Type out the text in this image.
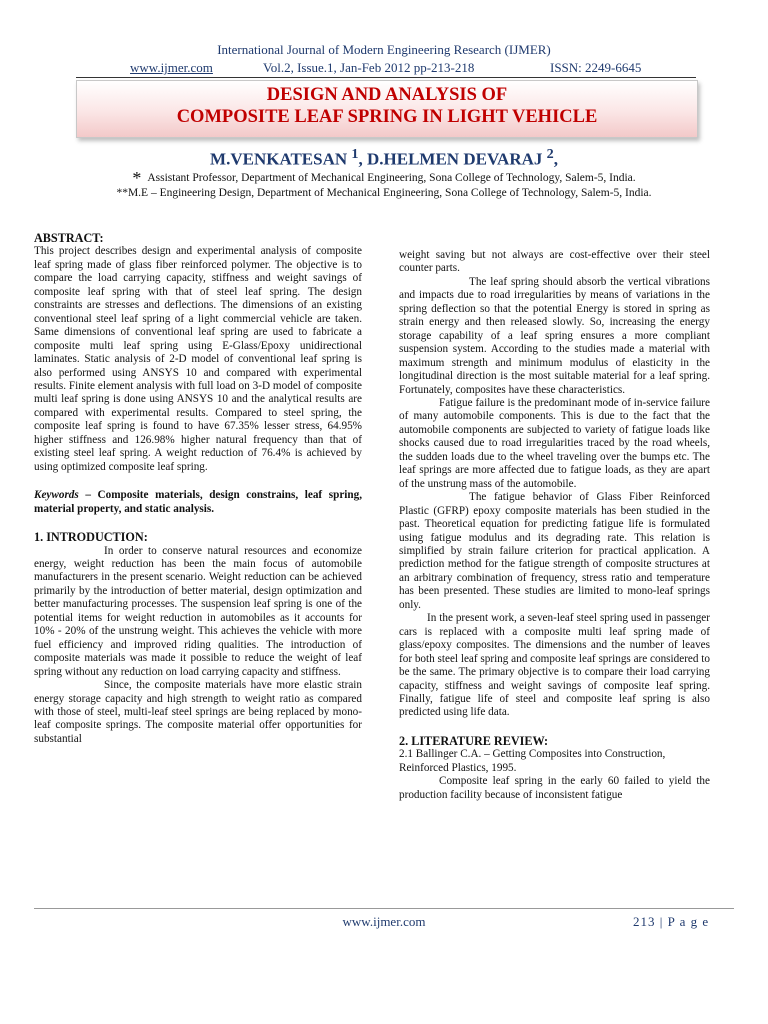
International Journal of Modern Engineering Research (IJMER)
www.ijmer.com	Vol.2, Issue.1, Jan-Feb 2012 pp-213-218	ISSN: 2249-6645
DESIGN AND ANALYSIS OF
COMPOSITE LEAF SPRING IN LIGHT VEHICLE
M.VENKATESAN $^1$, D.HELMEN DEVARAJ $^2$,
* Assistant Professor, Department of Mechanical Engineering, Sona College of Technology, Salem-5, India.
**M.E – Engineering Design, Department of Mechanical Engineering, Sona College of Technology, Salem-5, India.

ABSTRACT:

This project describes design and experimental analysis of composite leaf spring made of glass fiber reinforced polymer. The objective is to compare the load carrying capacity, stiffness and weight savings of composite leaf spring with that of steel leaf spring. The design constraints are stresses and deflections. The dimensions of an existing conventional steel leaf spring of a light commercial vehicle are taken. Same dimensions of conventional leaf spring are used to fabricate a composite multi leaf spring using E-Glass/Epoxy unidirectional laminates. Static analysis of 2-D model of conventional leaf spring is also performed using ANSYS 10 and compared with experimental results. Finite element analysis with full load on 3-D model of composite multi leaf spring is done using ANSYS 10 and the analytical results are compared with experimental results. Compared to steel spring, the composite leaf spring is found to have 67.35% lesser stress, 64.95% higher stiffness and 126.98% higher natural frequency than that of existing steel leaf spring. A weight reduction of 76.4% is achieved by using optimized composite leaf spring.

Keywords – Composite materials, design constrains, leaf spring, material property, and static analysis.

1. INTRODUCTION:

In order to conserve natural resources and economize energy, weight reduction has been the main focus of automobile manufacturers in the present scenario. Weight reduction can be achieved primarily by the introduction of better material, design optimization and better manufacturing processes. The suspension leaf spring is one of the potential items for weight reduction in automobiles as it accounts for 10% - 20% of the unstrung weight. This achieves the vehicle with more fuel efficiency and improved riding qualities. The introduction of composite materials was made it possible to reduce the weight of leaf spring without any reduction on load carrying capacity and stiffness.

Since, the composite materials have more elastic strain energy storage capacity and high strength to weight ratio as compared with those of steel, multi-leaf steel springs are being replaced by mono-leaf composite springs. The composite material offer opportunities for substantial

weight saving but not always are cost-effective over their steel counter parts.

The leaf spring should absorb the vertical vibrations and impacts due to road irregularities by means of variations in the spring deflection so that the potential Energy is stored in spring as strain energy and then released slowly. So, increasing the energy storage capability of a leaf spring ensures a more compliant suspension system. According to the studies made a material with maximum strength and minimum modulus of elasticity in the longitudinal direction is the most suitable material for a leaf spring. Fortunately, composites have these characteristics.

Fatigue failure is the predominant mode of in-service failure of many automobile components. This is due to the fact that the automobile components are subjected to variety of fatigue loads like shocks caused due to road irregularities traced by the road wheels, the sudden loads due to the wheel traveling over the bumps etc. The leaf springs are more affected due to fatigue loads, as they are apart of the unstrung mass of the automobile.

The fatigue behavior of Glass Fiber Reinforced Plastic (GFRP) epoxy composite materials has been studied in the past. Theoretical equation for predicting fatigue life is formulated using fatigue modulus and its degrading rate. This relation is simplified by strain failure criterion for practical application. A prediction method for the fatigue strength of composite structures at an arbitrary combination of frequency, stress ratio and temperature has been presented. These studies are limited to mono-leaf springs only.

In the present work, a seven-leaf steel spring used in passenger cars is replaced with a composite multi leaf spring made of glass/epoxy composites. The dimensions and the number of leaves for both steel leaf spring and composite leaf springs are considered to be the same. The primary objective is to compare their load carrying capacity, stiffness and weight savings of composite leaf spring. Finally, fatigue life of steel and composite leaf spring is also predicted using life data.

2. LITERATURE REVIEW:

2.1 Ballinger C.A. – Getting Composites into Construction, Reinforced Plastics, 1995.

Composite leaf spring in the early 60 failed to yield the production facility because of inconsistent fatigue

www.ijmer.com	213 | P a g e
